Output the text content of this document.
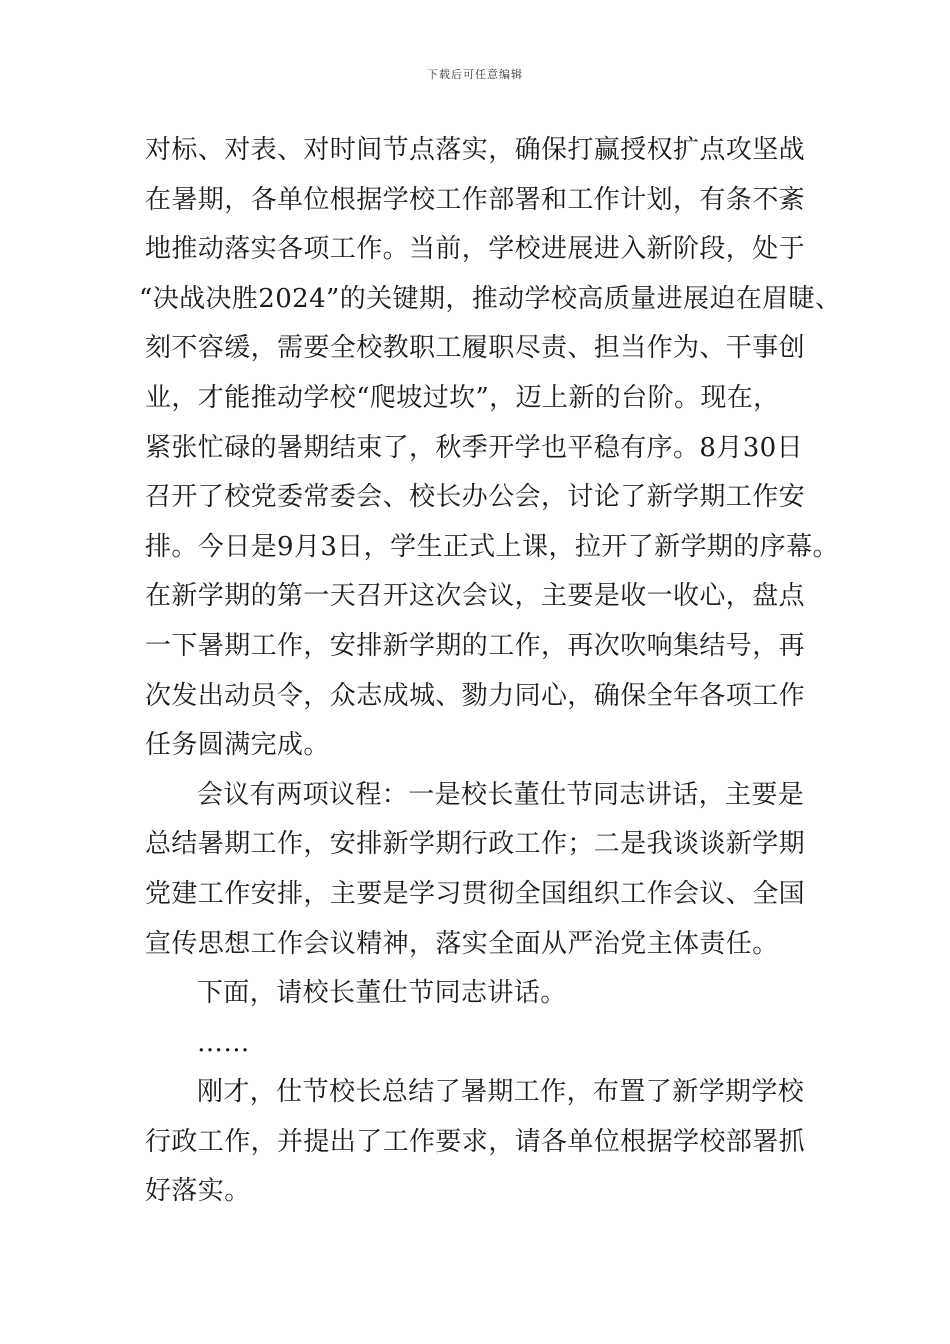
下载后可任意编辑
对标、对表、对时间节点落实，确保打赢授权扩点攻坚战
在暑期，各单位根据学校工作部署和工作计划，有条不紊
地推动落实各项工作。当前，学校进展进入新阶段，处于
“决战决胜2024”的关键期，推动学校高质量进展迫在眉睫、
刻不容缓，需要全校教职工履职尽责、担当作为、干事创
业，才能推动学校“爬坡过坎”，迈上新的台阶。现在，
紧张忙碌的暑期结束了，秋季开学也平稳有序。8月30日
召开了校党委常委会、校长办公会，讨论了新学期工作安
排。今日是9月3日，学生正式上课，拉开了新学期的序幕。
在新学期的第一天召开这次会议，主要是收一收心，盘点
一下暑期工作，安排新学期的工作，再次吹响集结号，再
次发出动员令，众志成城、勠力同心，确保全年各项工作
任务圆满完成。
会议有两项议程：一是校长董仕节同志讲话，主要是
总结暑期工作，安排新学期行政工作；二是我谈谈新学期
党建工作安排，主要是学习贯彻全国组织工作会议、全国
宣传思想工作会议精神，落实全面从严治党主体责任。
下面，请校长董仕节同志讲话。
……
刚才，仕节校长总结了暑期工作，布置了新学期学校
行政工作，并提出了工作要求，请各单位根据学校部署抓
好落实。
